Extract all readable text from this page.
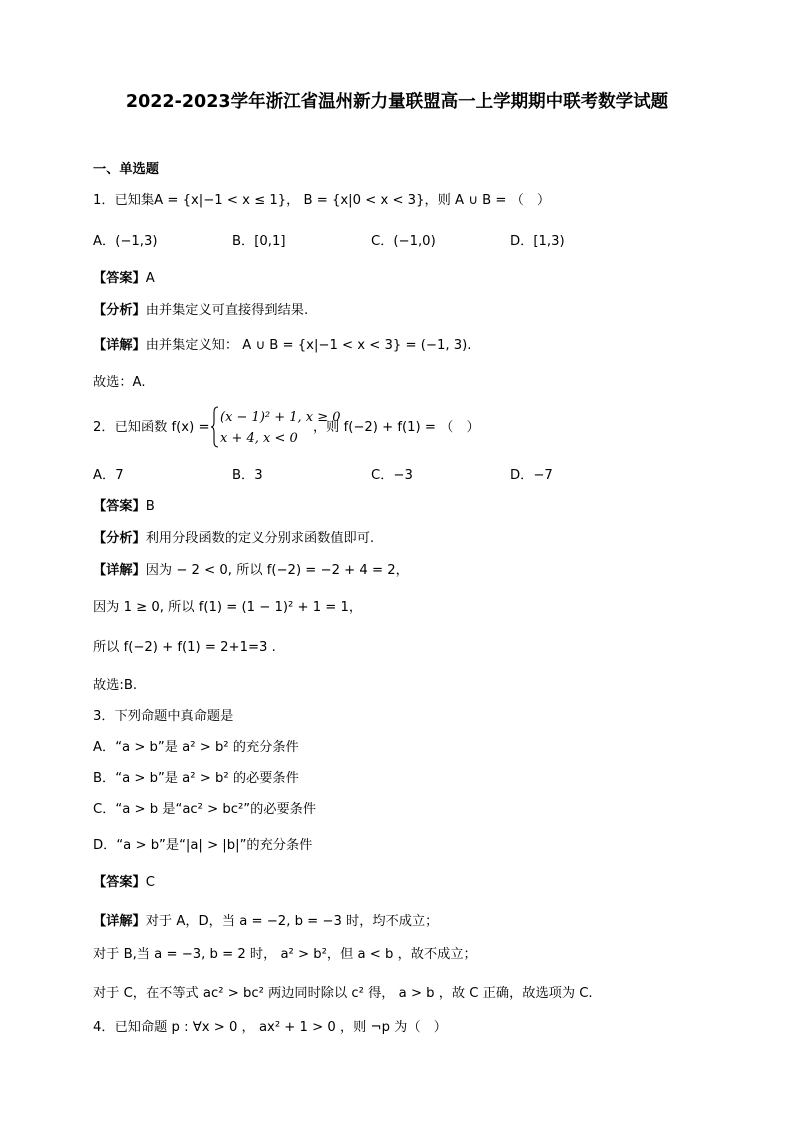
2022-2023学年浙江省温州新力量联盟高一上学期期中联考数学试题
一、单选题
1．已知集A = {x|−1 < x ≤ 1}， B = {x|0 < x < 3}，则 A ∪ B = （　）
A．(−1,3)	B．[0,1]	C．(−1,0)	D．[1,3)
【答案】A
【分析】由并集定义可直接得到结果.
【详解】由并集定义知： A ∪ B = {x|−1 < x < 3} = (−1, 3).
故选：A.
2．已知函数 f(x) =
(x − 1)² + 1, x ≥ 0
x + 4, x < 0
，则 f(−2) + f(1) = （　）
A．7	B．3	C．−3	D．−7
【答案】B
【分析】利用分段函数的定义分别求函数值即可.
【详解】因为 − 2 < 0, 所以 f(−2) = −2 + 4 = 2，
因为 1 ≥ 0, 所以 f(1) = (1 − 1)² + 1 = 1，
所以 f(−2) + f(1) = 2+1=3 .
故选:B.
3．下列命题中真命题是
A．“a > b”是 a² > b² 的充分条件
B．“a > b”是 a² > b² 的必要条件
C．“a > b 是“ac² > bc²”的必要条件
D．“a > b”是“|a| > |b|”的充分条件
【答案】C
【详解】对于 A，D，当 a = −2, b = −3 时，均不成立；
对于 B,当 a = −3, b = 2 时， a² > b²，但 a < b ，故不成立；
对于 C，在不等式 ac² > bc² 两边同时除以 c² 得， a > b ，故 C 正确，故选项为 C.
4．已知命题 p : ∀x > 0 ， ax² + 1 > 0 ，则 ¬p 为（　）
